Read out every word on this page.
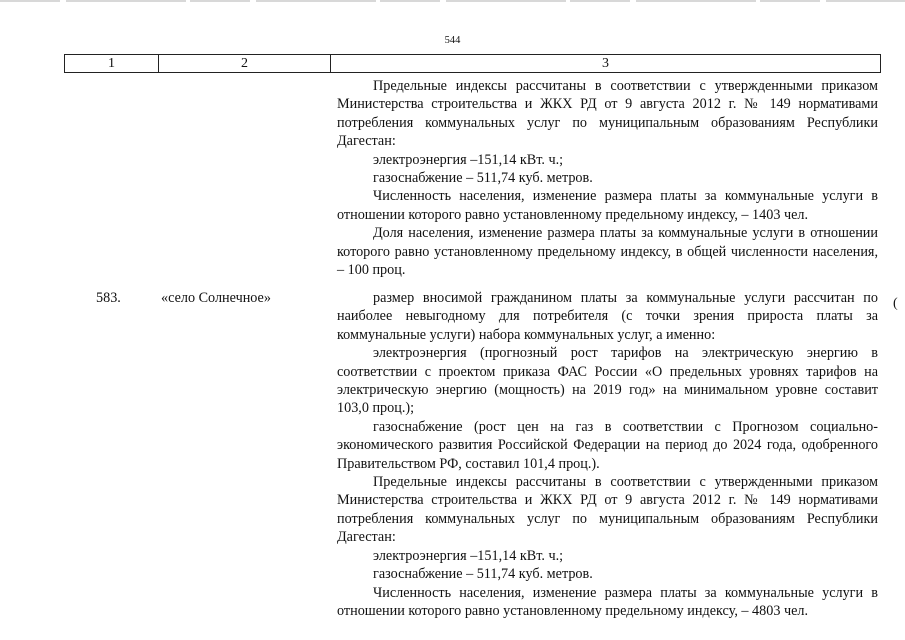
544
1	2	3

Предельные индексы рассчитаны в соответствии с утвержденными приказом Министерства строительства и ЖКХ РД от 9 августа 2012 г. № 149 нормативами потребления коммунальных услуг по муниципальным образованиям Республики Дагестан:

электроэнергия –151,14 кВт. ч.;

газоснабжение – 511,74 куб. метров.

Численность населения, изменение размера платы за коммунальные услуги в отношении которого равно установленному предельному индексу, – 1403 чел.

Доля населения, изменение размера платы за коммунальные услуги в отношении которого равно установленному предельному индексу, в общей численности населения, – 100 проц.

583.	«село Солнечное»	размер вносимой гражданином платы за коммунальные услуги рассчитан по наиболее невыгодному для потребителя (с точки зрения прироста платы за коммунальные услуги) набора коммунальных услуг, а именно:

электроэнергия (прогнозный рост тарифов на электрическую энергию в соответствии с проектом приказа ФАС России «О предельных уровнях тарифов на электрическую энергию (мощность) на 2019 год» на минимальном уровне составит 103,0 проц.);

газоснабжение (рост цен на газ в соответствии с Прогнозом социально-экономического развития Российской Федерации на период до 2024 года, одобренного Правительством РФ, составил 101,4 проц.).

Предельные индексы рассчитаны в соответствии с утвержденными приказом Министерства строительства и ЖКХ РД от 9 августа 2012 г. № 149 нормативами потребления коммунальных услуг по муниципальным образованиям Республики Дагестан:

электроэнергия –151,14 кВт. ч.;

газоснабжение – 511,74 куб. метров.

Численность населения, изменение размера платы за коммунальные услуги в отношении которого равно установленному предельному индексу, – 4803 чел.

(
